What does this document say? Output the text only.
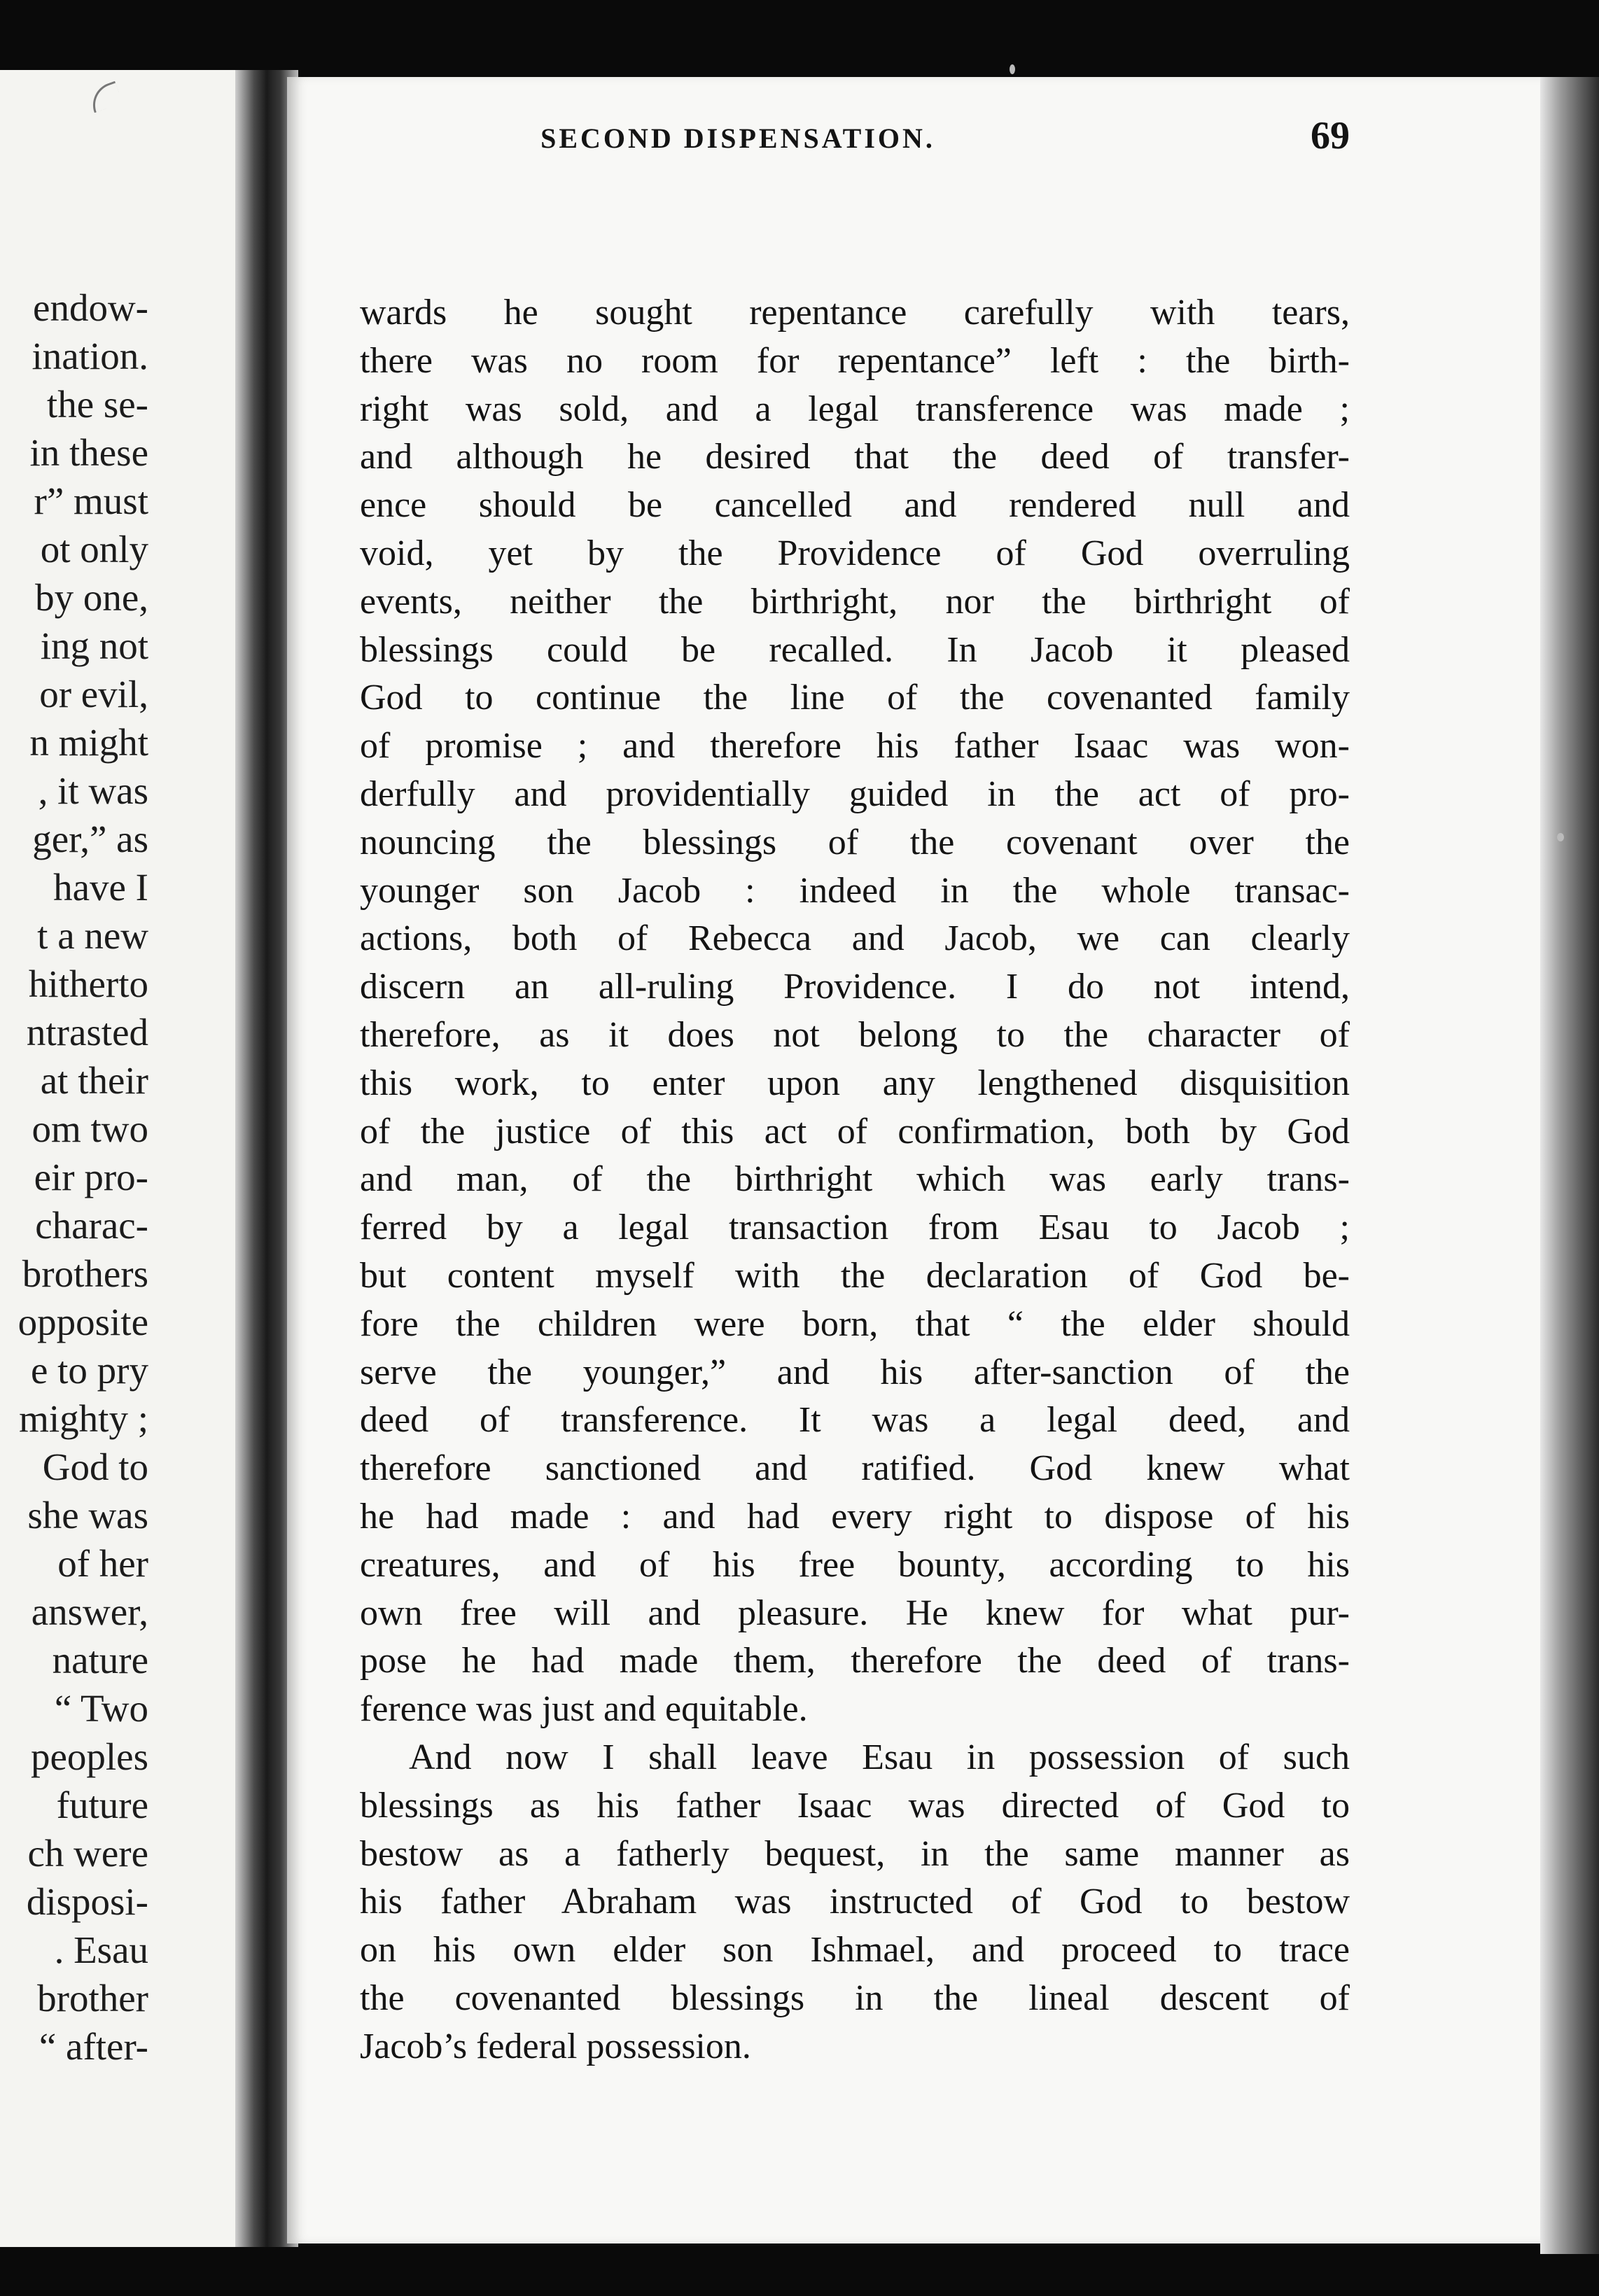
endow-
ination.
the se-
in these
r” must
ot only
by one,
ing not
or evil,
n might
, it was
ger,” as
have I
t a new
hitherto
ntrasted
at their
om two
eir pro-
charac-
brothers
opposite
e to pry
mighty ;
God to
she was
of her
answer,
nature
“ Two
peoples
future
ch were
disposi-
. Esau
brother
“ after-
SECOND DISPENSATION.	69
wards he sought repentance carefully with tears,
there was no room for repentance” left : the birth-
right was sold, and a legal transference was made ;
and although he desired that the deed of transfer-
ence should be cancelled and rendered null and
void, yet by the Providence of God overruling
events, neither the birthright, nor the birthright of
blessings could be recalled. In Jacob it pleased
God to continue the line of the covenanted family
of promise ; and therefore his father Isaac was won-
derfully and providentially guided in the act of pro-
nouncing the blessings of the covenant over the
younger son Jacob : indeed in the whole transac-
actions, both of Rebecca and Jacob, we can clearly
discern an all-ruling Providence. I do not intend,
therefore, as it does not belong to the character of
this work, to enter upon any lengthened disquisition
of the justice of this act of confirmation, both by God
and man, of the birthright which was early trans-
ferred by a legal transaction from Esau to Jacob ;
but content myself with the declaration of God be-
fore the children were born, that “ the elder should
serve the younger,” and his after-sanction of the
deed of transference. It was a legal deed, and
therefore sanctioned and ratified. God knew what
he had made : and had every right to dispose of his
creatures, and of his free bounty, according to his
own free will and pleasure. He knew for what pur-
pose he had made them, therefore the deed of trans-
ference was just and equitable.
And now I shall leave Esau in possession of such
blessings as his father Isaac was directed of God to
bestow as a fatherly bequest, in the same manner as
his father Abraham was instructed of God to bestow
on his own elder son Ishmael, and proceed to trace
the covenanted blessings in the lineal descent of
Jacob’s federal possession.
